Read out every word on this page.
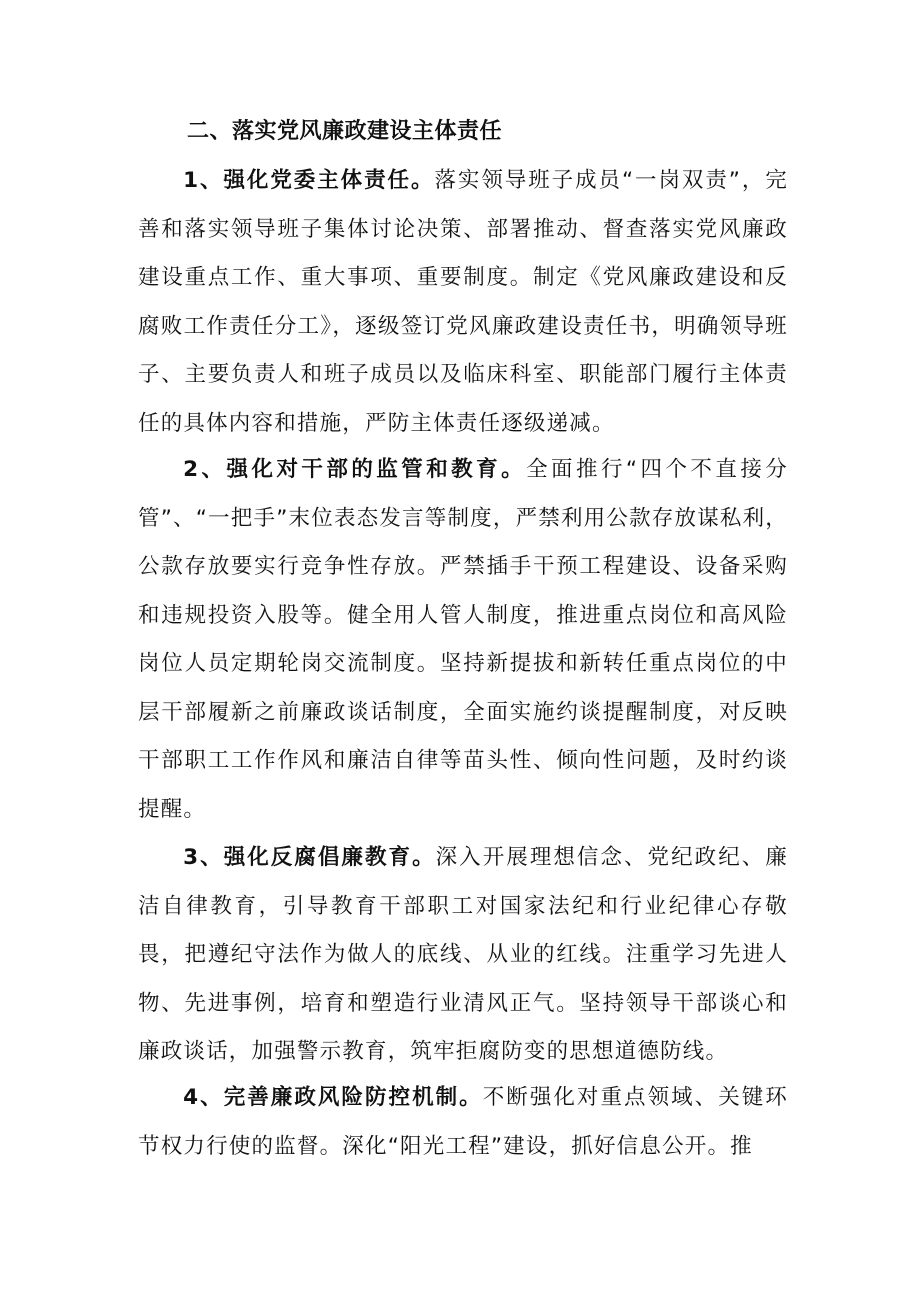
二、落实党风廉政建设主体责任

1、强化党委主体责任。落实领导班子成员“一岗双责”，完善和落实领导班子集体讨论决策、部署推动、督查落实党风廉政建设重点工作、重大事项、重要制度。制定《党风廉政建设和反腐败工作责任分工》，逐级签订党风廉政建设责任书，明确领导班子、主要负责人和班子成员以及临床科室、职能部门履行主体责任的具体内容和措施，严防主体责任逐级递减。

2、强化对干部的监管和教育。全面推行“四个不直接分管”、“一把手”末位表态发言等制度，严禁利用公款存放谋私利，公款存放要实行竞争性存放。严禁插手干预工程建设、设备采购和违规投资入股等。健全用人管人制度，推进重点岗位和高风险岗位人员定期轮岗交流制度。坚持新提拔和新转任重点岗位的中层干部履新之前廉政谈话制度，全面实施约谈提醒制度，对反映干部职工工作作风和廉洁自律等苗头性、倾向性问题，及时约谈提醒。

3、强化反腐倡廉教育。深入开展理想信念、党纪政纪、廉洁自律教育，引导教育干部职工对国家法纪和行业纪律心存敬畏，把遵纪守法作为做人的底线、从业的红线。注重学习先进人物、先进事例，培育和塑造行业清风正气。坚持领导干部谈心和廉政谈话，加强警示教育，筑牢拒腐防变的思想道德防线。

4、完善廉政风险防控机制。不断强化对重点领域、关键环节权力行使的监督。深化“阳光工程”建设，抓好信息公开。推
